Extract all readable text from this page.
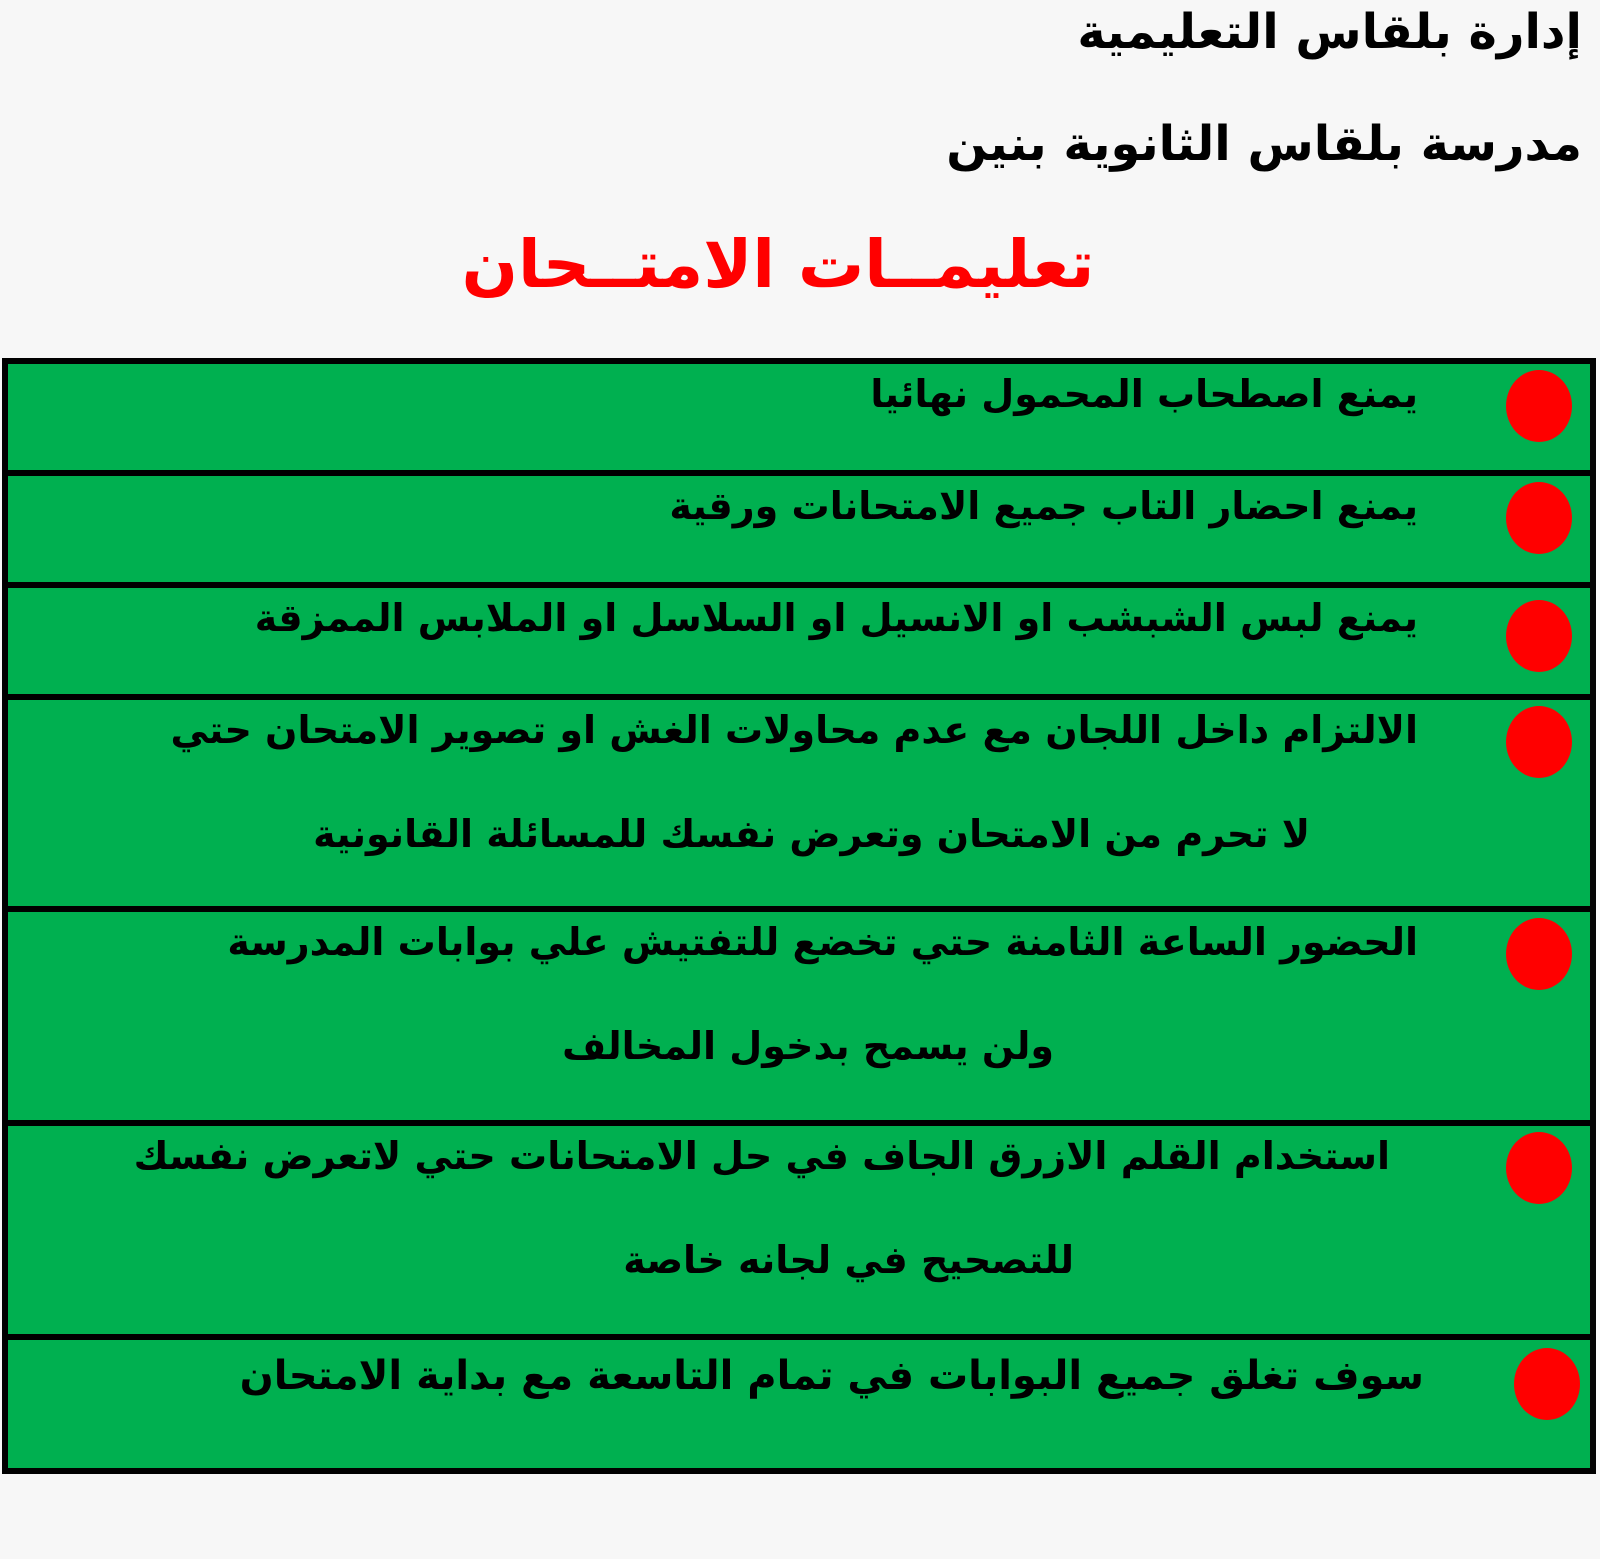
إدارة بلقاس التعليمية
مدرسة بلقاس الثانوية بنين
تعليمــات الامتــحان
يمنع اصطحاب المحمول نهائيا
يمنع احضار التاب جميع الامتحانات ورقية
يمنع لبس الشبشب او الانسيل او السلاسل او الملابس الممزقة
الالتزام داخل اللجان مع عدم محاولات الغش او تصوير الامتحان حتي
لا تحرم من الامتحان وتعرض نفسك للمسائلة القانونية
الحضور الساعة الثامنة حتي تخضع للتفتيش علي بوابات المدرسة
ولن يسمح بدخول المخالف
استخدام القلم الازرق الجاف في حل الامتحانات حتي لاتعرض نفسك
للتصحيح في لجانه خاصة
سوف تغلق جميع البوابات في تمام التاسعة مع بداية الامتحان
